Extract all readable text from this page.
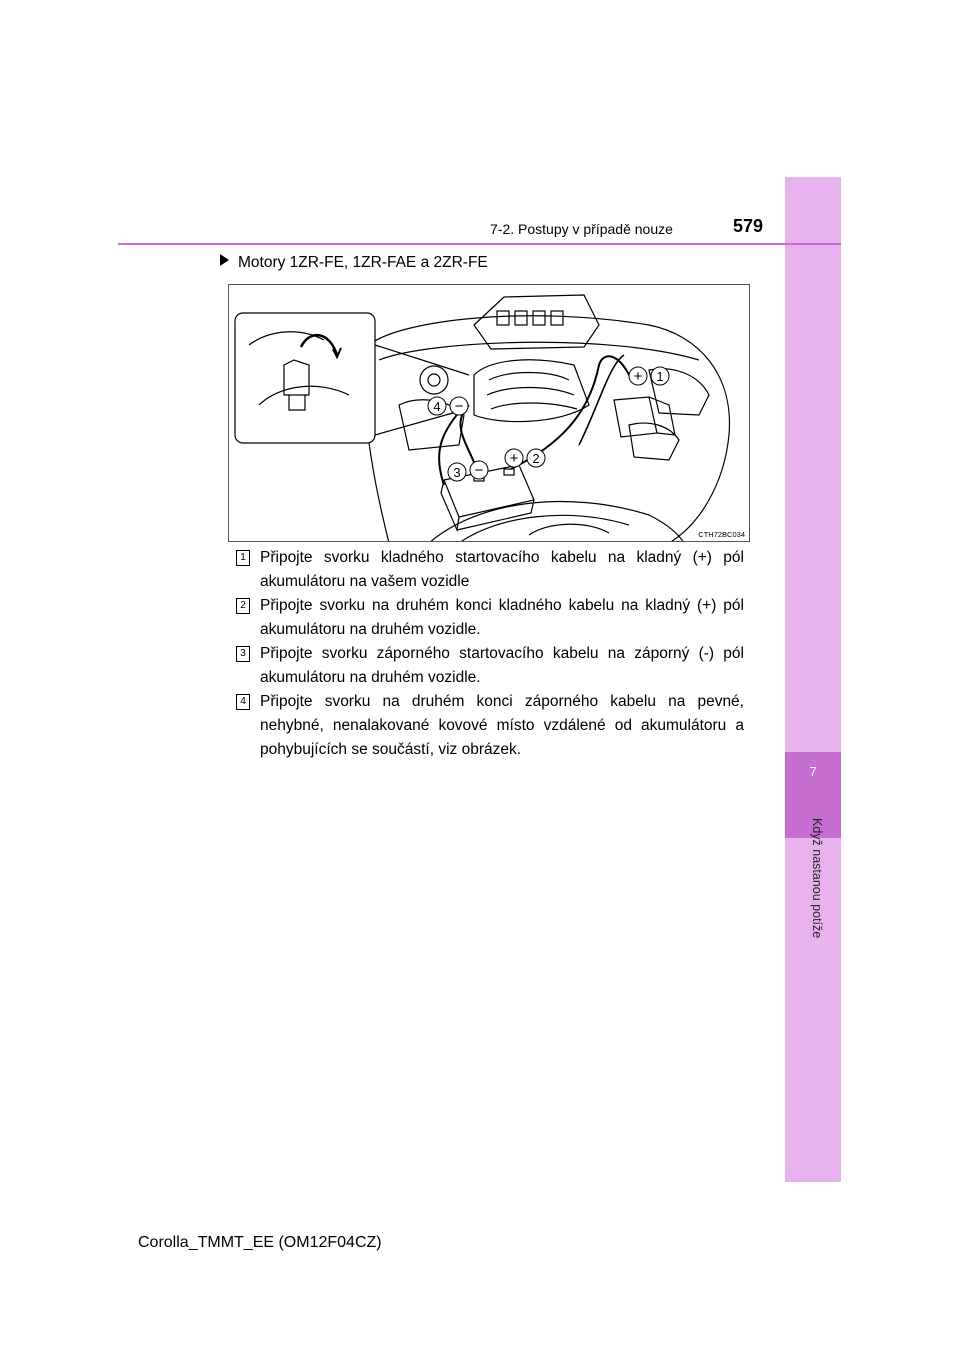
7
Když nastanou potíže
7-2. Postupy v případě nouze	579
Motory 1ZR-FE, 1ZR-FAE a 2ZR-FE
+ 1
+ 2
3 −
4 −
CTH72BC034
1 Připojte svorku kladného startovacího kabelu na kladný (+) pól akumulátoru na vašem vozidle
2 Připojte svorku na druhém konci kladného kabelu na kladný (+) pól akumulátoru na druhém vozidle.
3 Připojte svorku záporného startovacího kabelu na záporný (-) pól akumulátoru na druhém vozidle.
4 Připojte svorku na druhém konci záporného kabelu na pevné, nehybné, nenalakované kovové místo vzdálené od akumulátoru a pohybujících se součástí, viz obrázek.
Corolla_TMMT_EE (OM12F04CZ)
